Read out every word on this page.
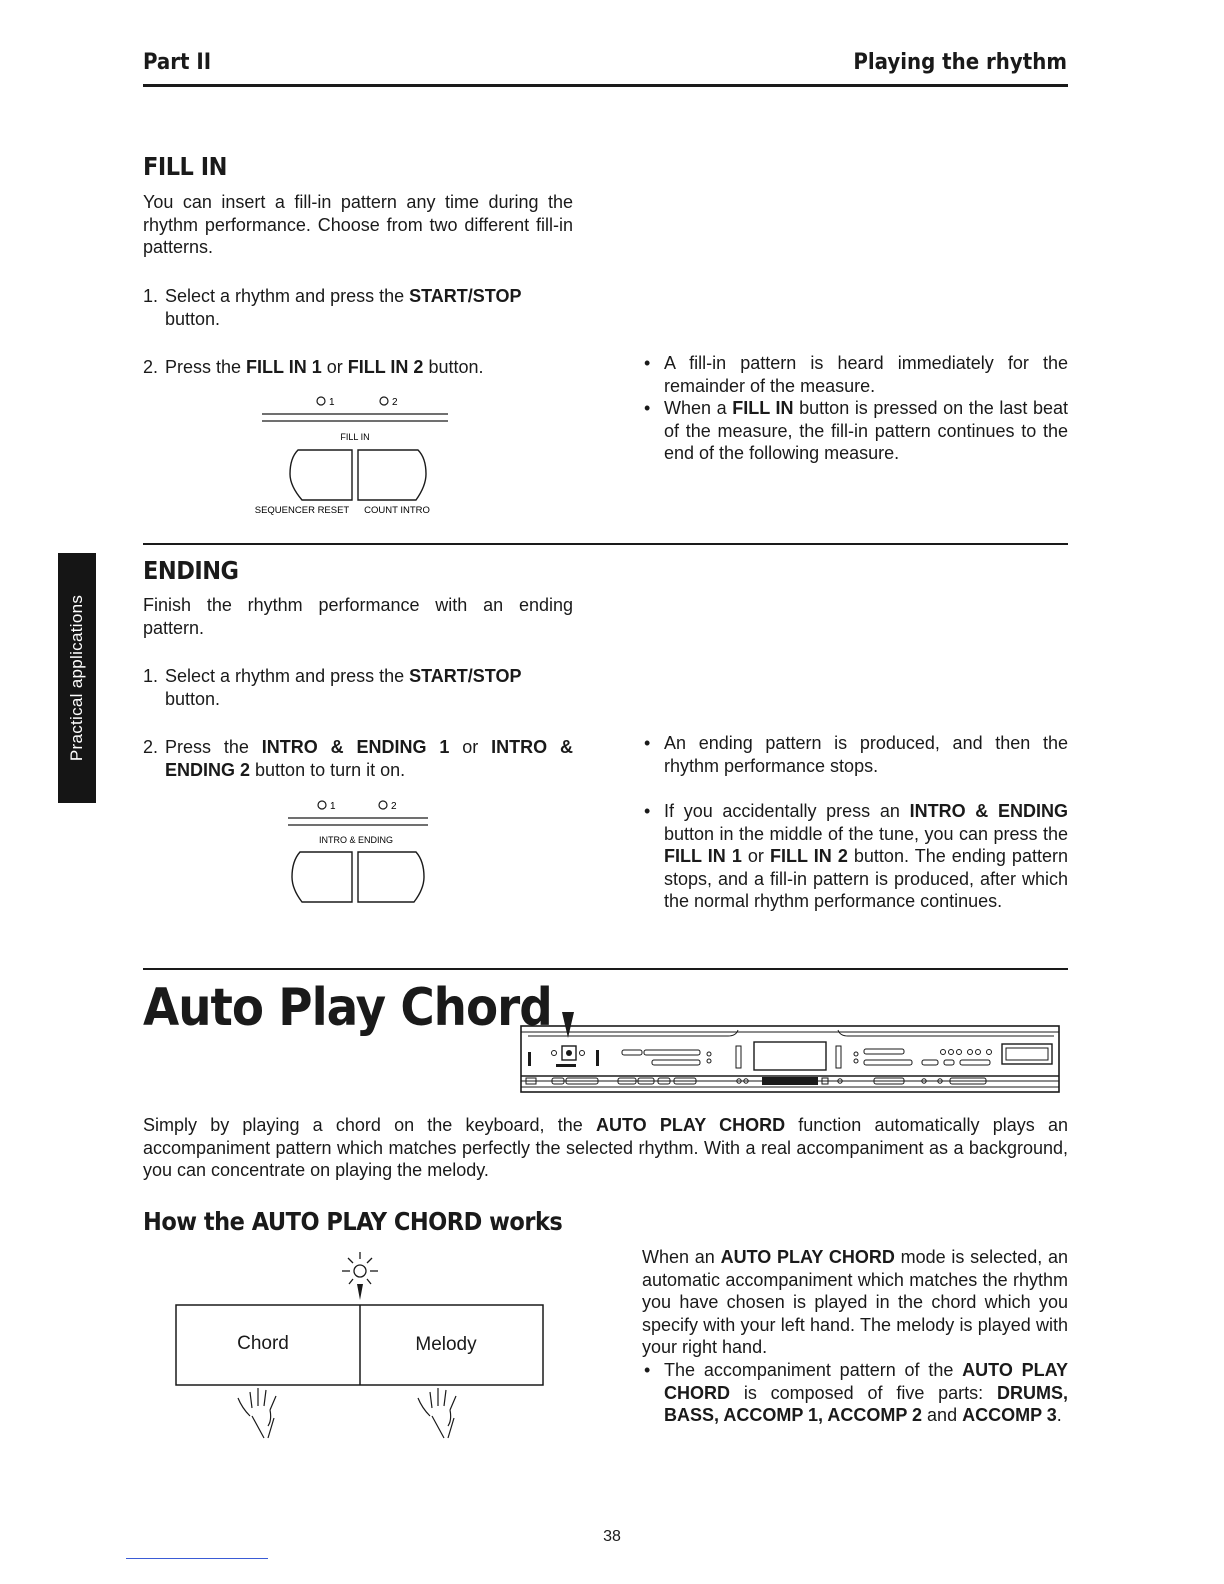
Part II	Playing the rhythm
Practical applications
FILL IN
You can insert a fill-in pattern any time during the rhythm performance. Choose from two different fill-in patterns.
1. Select a rhythm and press the START/STOP button.
2. Press the FILL IN 1 or FILL IN 2 button.
1	2
FILL IN
SEQUENCER RESET COUNT INTRO
• A fill-in pattern is heard immediately for the remainder of the measure.
• When a FILL IN button is pressed on the last beat of the measure, the fill-in pattern continues to the end of the following measure.
ENDING
Finish the rhythm performance with an ending pattern.
1. Select a rhythm and press the START/STOP button.
2. Press the INTRO & ENDING 1 or INTRO & ENDING 2 button to turn it on.
1	2
INTRO & ENDING
• An ending pattern is produced, and then the rhythm performance stops.
• If you accidentally press an INTRO & ENDING button in the middle of the tune, you can press the FILL IN 1 or FILL IN 2 button. The ending pattern stops, and a fill-in pattern is produced, after which the normal rhythm performance continues.
Auto Play Chord
Simply by playing a chord on the keyboard, the AUTO PLAY CHORD function automatically plays an accompaniment pattern which matches perfectly the selected rhythm. With a real accompaniment as a background, you can concentrate on playing the melody.
How the AUTO PLAY CHORD works
Chord	Melody
When an AUTO PLAY CHORD mode is selected, an automatic accompaniment which matches the rhythm you have chosen is played in the chord which you specify with your left hand. The melody is played with your right hand.
• The accompaniment pattern of the AUTO PLAY CHORD is composed of five parts: DRUMS, BASS, ACCOMP 1, ACCOMP 2 and ACCOMP 3.
38
